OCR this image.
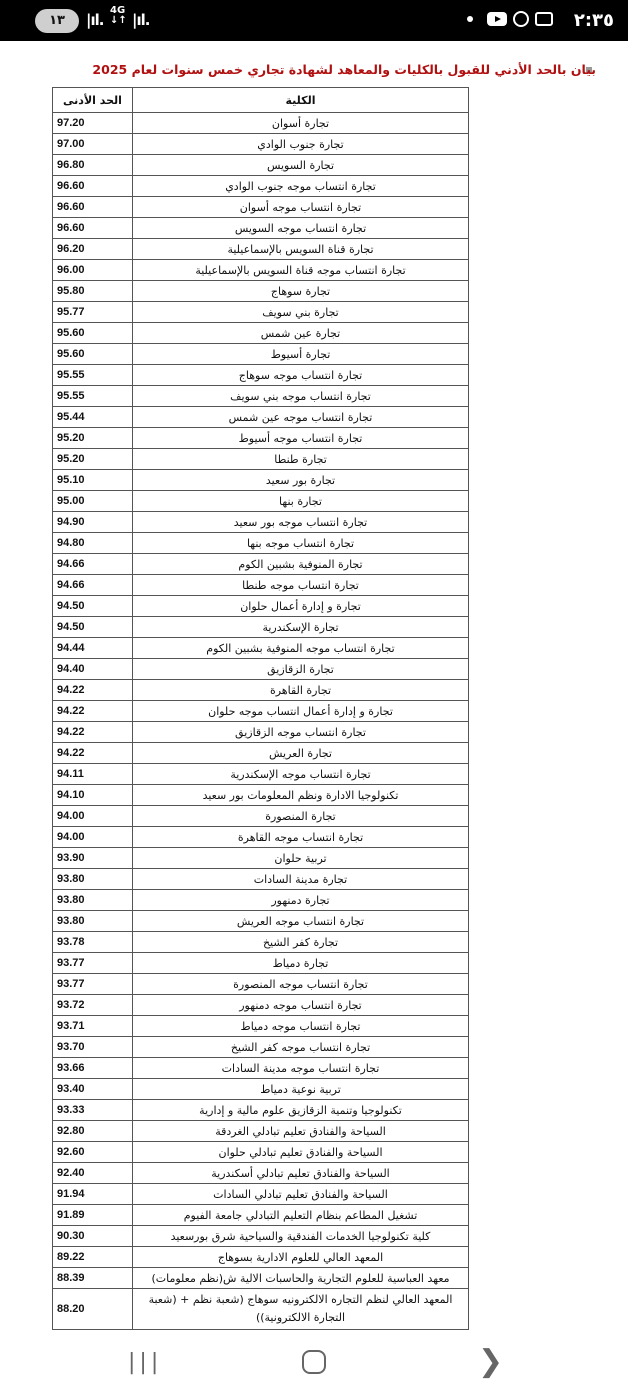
١٣	|ıl.
4G
↓↑ |ıl.	٢:٣٥
بيان بالحد الأدني للقبول بالكليات والمعاهد لشهادة تجاري خمس سنوات لعام 2025
الحد الأدنى	الكلية
97.20	تجارة أسوان
97.00	تجارة جنوب الوادي
96.80	تجارة السويس
96.60	تجارة انتساب موجه جنوب الوادي
96.60	تجارة انتساب موجه أسوان
96.60	تجارة انتساب موجه السويس
96.20	تجارة قناة السويس بالإسماعيلية
96.00	تجارة انتساب موجه قناة السويس بالإسماعيلية
95.80	تجارة سوهاج
95.77	تجارة بني سويف
95.60	تجارة عين شمس
95.60	تجارة أسيوط
95.55	تجارة انتساب موجه سوهاج
95.55	تجارة انتساب موجه بني سويف
95.44	تجارة انتساب موجه عين شمس
95.20	تجارة انتساب موجه أسيوط
95.20	تجارة طنطا
95.10	تجارة بور سعيد
95.00	تجارة بنها
94.90	تجارة انتساب موجه بور سعيد
94.80	تجارة انتساب موجه بنها
94.66	تجارة المنوفية بشبين الكوم
94.66	تجارة انتساب موجه طنطا
94.50	تجارة و إدارة أعمال حلوان
94.50	تجارة الإسكندرية
94.44	تجارة انتساب موجه المنوفية بشبين الكوم
94.40	تجارة الزقازيق
94.22	تجارة القاهرة
94.22	تجارة و إدارة أعمال انتساب موجه حلوان
94.22	تجارة انتساب موجه الزقازيق
94.22	تجارة العريش
94.11	تجارة انتساب موجه الإسكندرية
94.10	تكنولوجيا الادارة ونظم المعلومات بور سعيد
94.00	تجارة المنصورة
94.00	تجارة انتساب موجه القاهرة
93.90	تربية حلوان
93.80	تجارة مدينة السادات
93.80	تجارة دمنهور
93.80	تجارة انتساب موجه العريش
93.78	تجارة كفر الشيخ
93.77	تجارة دمياط
93.77	تجارة انتساب موجه المنصورة
93.72	تجارة انتساب موجه دمنهور
93.71	تجارة انتساب موجه دمياط
93.70	تجارة انتساب موجه كفر الشيخ
93.66	تجارة انتساب موجه مدينة السادات
93.40	تربية نوعية دمياط
93.33	تكنولوجيا وتنمية الزقازيق علوم مالية و إدارية
92.80	السياحة والفنادق تعليم تبادلي الغردقة
92.60	السياحة والفنادق تعليم تبادلي حلوان
92.40	السياحة والفنادق تعليم تبادلي أسكندرية
91.94	السياحة والفنادق تعليم تبادلي السادات
91.89	تشغيل المطاعم بنظام التعليم التبادلي جامعة الفيوم
90.30	كلية تكنولوجيا الخدمات الفندقية والسياحية شرق بورسعيد
89.22	المعهد العالي للعلوم الادارية بسوهاج
88.39	معهد العباسية للعلوم التجارية والحاسبات الالية ش(نظم معلومات)
88.20	المعهد العالي لنظم التجاره الالكترونيه سوهاج (شعبة نظم + (شعبة التجارة الالكترونية))
|||	❯
